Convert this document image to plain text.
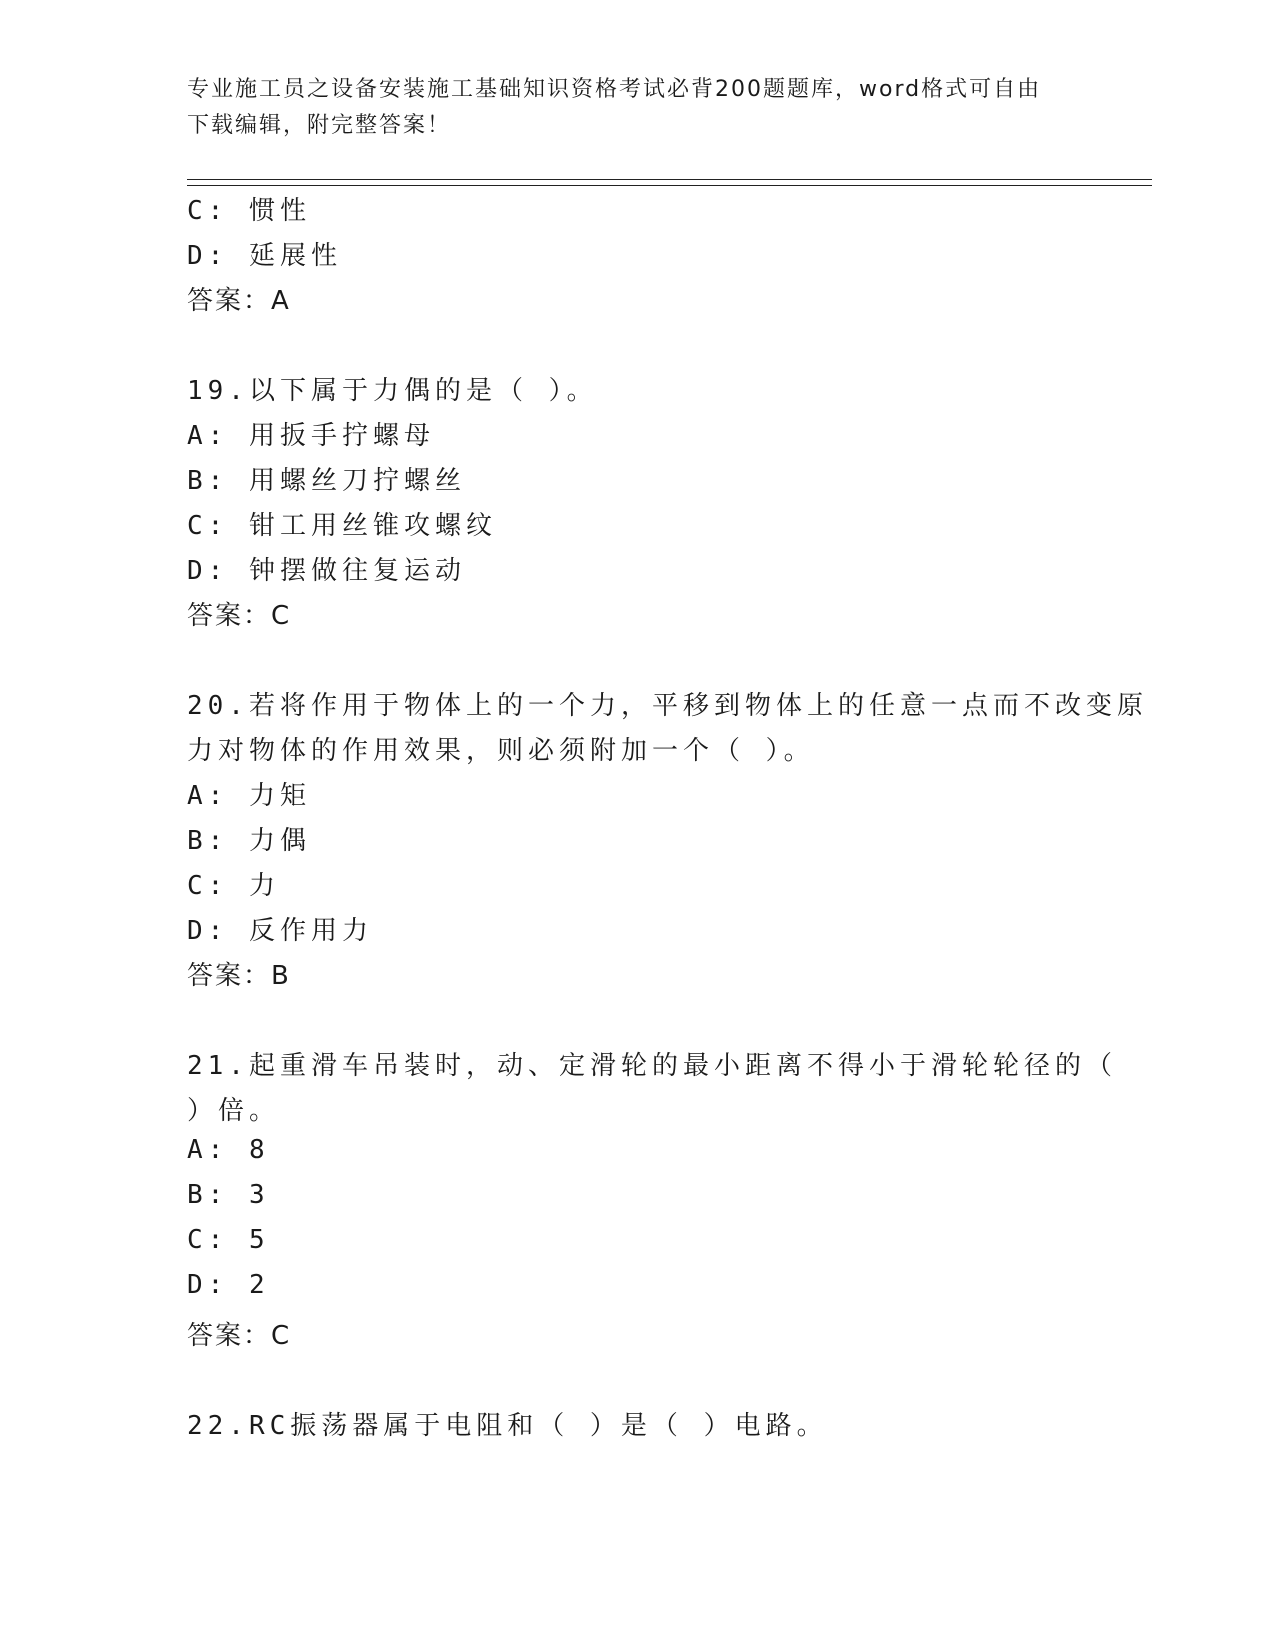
专业施工员之设备安装施工基础知识资格考试必背200题题库，word格式可自由
下载编辑，附完整答案！
C: 惯性
D: 延展性
答案：A
19.以下属于力偶的是（ ）。
A: 用扳手拧螺母
B: 用螺丝刀拧螺丝
C: 钳工用丝锥攻螺纹
D: 钟摆做往复运动
答案：C
20.若将作用于物体上的一个力，平移到物体上的任意一点而不改变原
力对物体的作用效果，则必须附加一个（ ）。
A: 力矩
B: 力偶
C: 力
D: 反作用力
答案：B
21.起重滑车吊装时，动、定滑轮的最小距离不得小于滑轮轮径的（
）倍。
A: 8
B: 3
C: 5
D: 2
答案：C
22.RC振荡器属于电阻和（ ）是（ ）电路。
